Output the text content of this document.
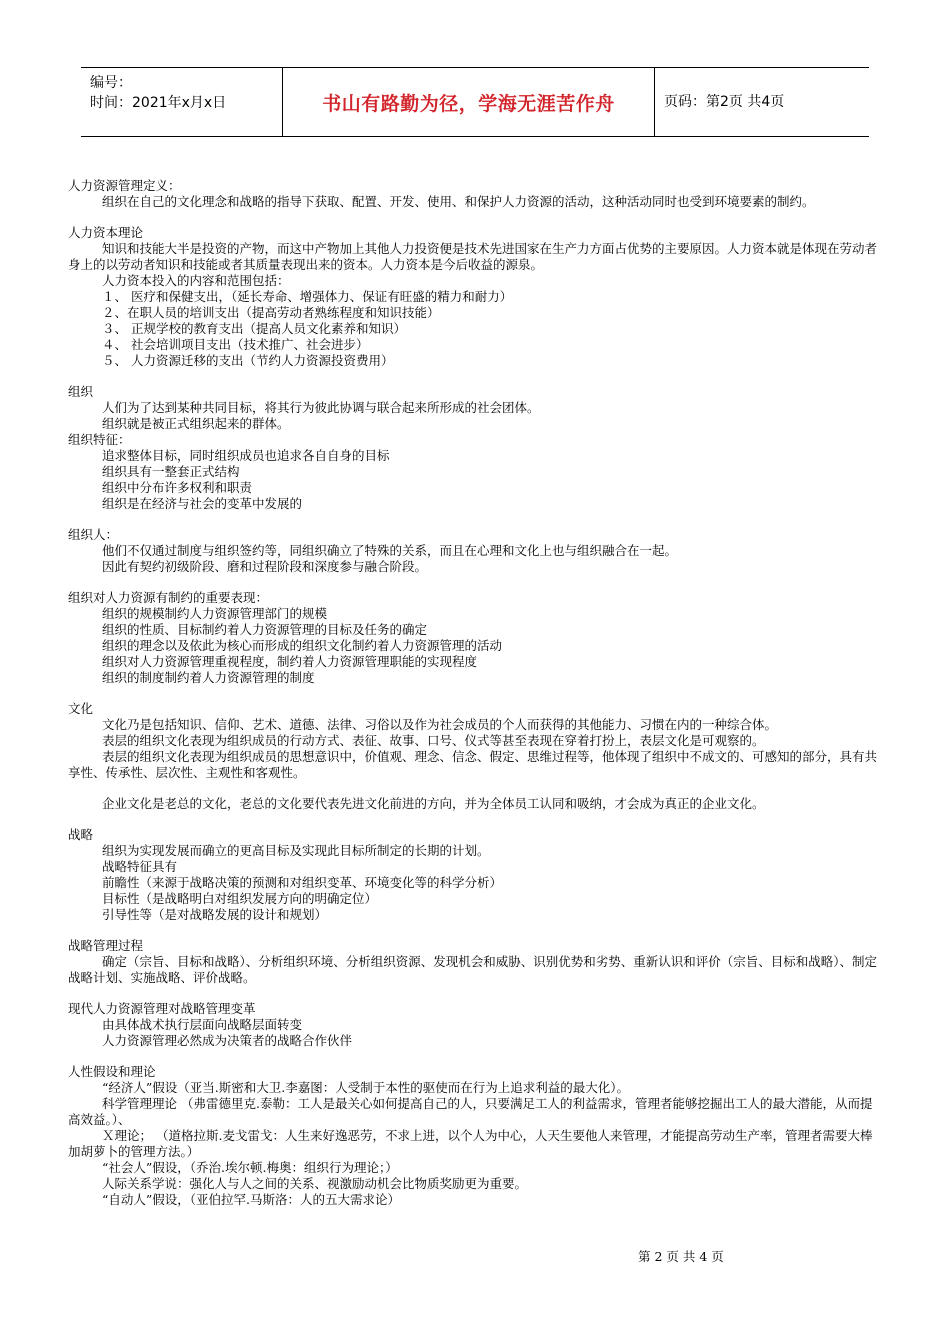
编号：
时间：2021年x月x日	书山有路勤为径，学海无涯苦作舟	页码：第2页 共4页

人力资源管理定义：

组织在自己的文化理念和战略的指导下获取、配置、开发、使用、和保护人力资源的活动，这种活动同时也受到环境要素的制约。

人力资本理论

知识和技能大半是投资的产物，而这中产物加上其他人力投资便是技术先进国家在生产力方面占优势的主要原因。人力资本就是体现在劳动者身上的以劳动者知识和技能或者其质量表现出来的资本。人力资本是今后收益的源泉。

人力资本投入的内容和范围包括：

１、 医疗和保健支出，（延长寿命、增强体力、保证有旺盛的精力和耐力）

２、在职人员的培训支出（提高劳动者熟练程度和知识技能）

３、 正规学校的教育支出（提高人员文化素养和知识）

４、 社会培训项目支出（技术推广、社会进步）

５、 人力资源迁移的支出（节约人力资源投资费用）

组织

人们为了达到某种共同目标，将其行为彼此协调与联合起来所形成的社会团体。

组织就是被正式组织起来的群体。

组织特征：

追求整体目标，同时组织成员也追求各自自身的目标

组织具有一整套正式结构

组织中分布许多权利和职责

组织是在经济与社会的变革中发展的

组织人：

他们不仅通过制度与组织签约等，同组织确立了特殊的关系，而且在心理和文化上也与组织融合在一起。

因此有契约初级阶段、磨和过程阶段和深度参与融合阶段。

组织对人力资源有制约的重要表现：

组织的规模制约人力资源管理部门的规模

组织的性质、目标制约着人力资源管理的目标及任务的确定

组织的理念以及依此为核心而形成的组织文化制约着人力资源管理的活动

组织对人力资源管理重视程度，制约着人力资源管理职能的实现程度

组织的制度制约着人力资源管理的制度

文化

文化乃是包括知识、信仰、艺术、道德、法律、习俗以及作为社会成员的个人而获得的其他能力、习惯在内的一种综合体。

表层的组织文化表现为组织成员的行动方式、表征、故事、口号、仪式等甚至表现在穿着打扮上，表层文化是可观察的。

表层的组织文化表现为组织成员的思想意识中，价值观、理念、信念、假定、思维过程等，他体现了组织中不成文的、可感知的部分，具有共享性、传承性、层次性、主观性和客观性。

企业文化是老总的文化，老总的文化要代表先进文化前进的方向，并为全体员工认同和吸纳，才会成为真正的企业文化。

战略

组织为实现发展而确立的更高目标及实现此目标所制定的长期的计划。

战略特征具有

前瞻性（来源于战略决策的预测和对组织变革、环境变化等的科学分析）

目标性（是战略明白对组织发展方向的明确定位）

引导性等（是对战略发展的设计和规划）

战略管理过程

确定（宗旨、目标和战略）、分析组织环境、分析组织资源、发现机会和威胁、识别优势和劣势、重新认识和评价（宗旨、目标和战略）、制定战略计划、实施战略、评价战略。

现代人力资源管理对战略管理变革

由具体战术执行层面向战略层面转变

人力资源管理必然成为决策者的战略合作伙伴

人性假设和理论

“经济人”假设（亚当.斯密和大卫.李嘉图：人受制于本性的驱使而在行为上追求利益的最大化）。

科学管理理论 （弗雷德里克.泰勒：工人是最关心如何提高自己的人，只要满足工人的利益需求，管理者能够挖掘出工人的最大潜能，从而提高效益。）、

Ｘ理论； （道格拉斯.麦戈雷戈：人生来好逸恶劳，不求上进，以个人为中心，人天生要他人来管理，才能提高劳动生产率，管理者需要大棒加胡萝卜的管理方法。）

“社会人”假设，（乔治.埃尔顿.梅奥：组织行为理论；）

人际关系学说：强化人与人之间的关系、视激励动机会比物质奖励更为重要。

“自动人”假设，（亚伯拉罕.马斯洛：人的五大需求论）

第 2 页 共 4 页
